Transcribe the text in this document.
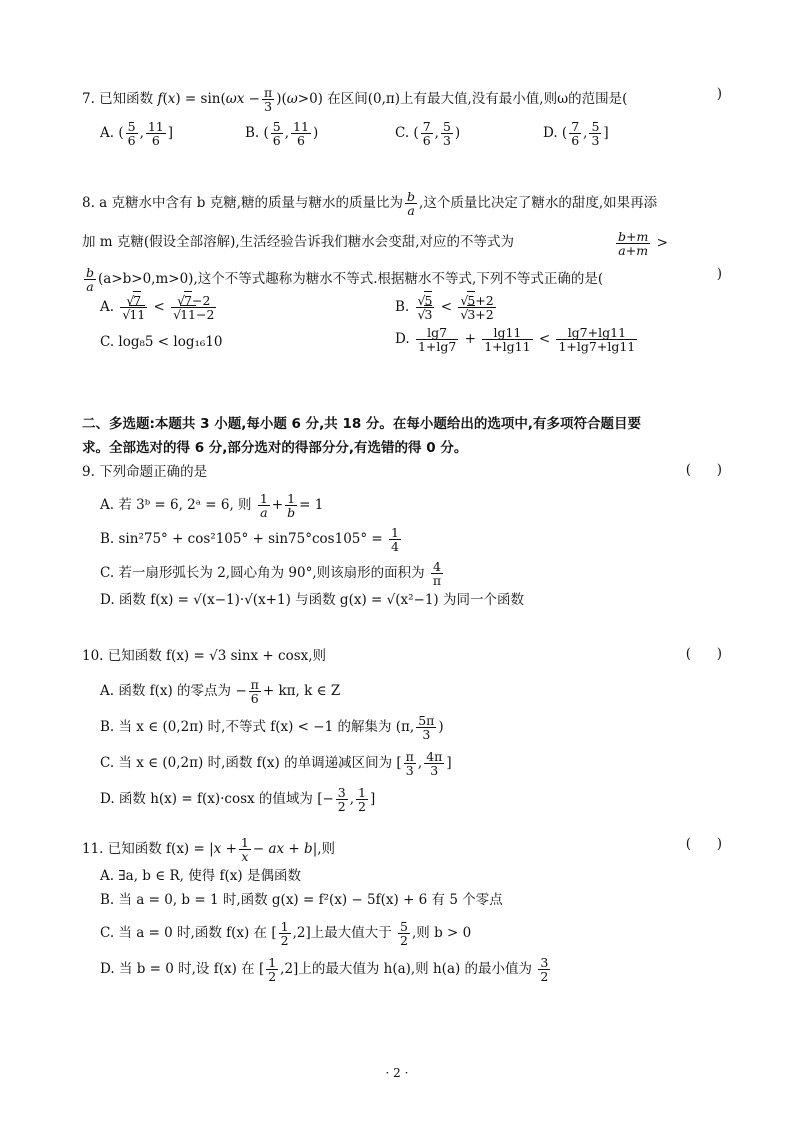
7. 已知函数 $f(x) = \sin(\omega x - \frac{\pi}{3} )(\omega>0)$ 在区间(0,π)上有最大值,没有最小值,则ω的范围是(	)
A. ( $\frac{5}{6}$ , $\frac{11}{6}$ ]	B. ( $\frac{5}{6}$ , $\frac{11}{6}$ )	C. ( $\frac{7}{6}$ , $\frac{5}{3}$ )	D. ( $\frac{7}{6}$ , $\frac{5}{3}$ ]
8. a 克糖水中含有 b 克糖,糖的质量与糖水的质量比为 $\frac{b}{a}$ ,这个质量比决定了糖水的甜度,如果再添
加 m 克糖(假设全部溶解),生活经验告诉我们糖水会变甜,对应的不等式为	$\frac{b+m}{a+m}$ >
$\frac{b}{a} (a>b>0,m>0)$,这个不等式趣称为糖水不等式.根据糖水不等式,下列不等式正确的是(	)
A. $\frac{√7}{√11} < \frac{√7-2}{√11-2}$	B. $\frac{√5}{√3} < \frac{√5+2}{√3+2}$
C. log₈5 < log₁₆10	D. $\frac{\lg 7}{1+\lg 7} + \frac{\lg 11}{1+\lg 11} < \frac{\lg 7+\lg 11}{1+\lg 7+\lg 11}$
二、多选题:本题共 3 小题,每小题 6 分,共 18 分。在每小题给出的选项中,有多项符合题目要
求。全部选对的得 6 分,部分选对的得部分分,有选错的得 0 分。
9. 下列命题正确的是	(      )
A. 若 3ᵇ = 6, 2ᵃ = 6, 则 $\frac{1}{a} + \frac{1}{b} = 1$
B. $\sin^275^\circ + \cos^2105^\circ + \sin 75^\circ\cos 105^\circ = \frac{1}{4}$
C. 若一扇形弧长为 2,圆心角为 90°,则该扇形的面积为 $\frac{4}{\pi}$
D. 函数 f(x) = √(x−1)·√(x+1) 与函数 g(x) = √(x²−1) 为同一个函数
10. 已知函数 f(x) = √3 sinx + cosx,则	(      )
A. 函数 f(x) 的零点为 − $\frac{\pi}{6} + k\pi$, k ∈ Z
B. 当 x ∈ (0,2π) 时,不等式 f(x) < −1 的解集为 (π, $\frac{5\pi}{3}$ )
C. 当 x ∈ (0,2π) 时,函数 f(x) 的单调递减区间为 [ $\frac{\pi}{3}$ , $\frac{4\pi}{3}$ ]
D. 函数 h(x) = f(x)·cosx 的值域为 [− $\frac{3}{2}$ , $\frac{1}{2}$ ]
11. 已知函数 $f(x) = |x + \frac{1}{x}$ − ax + b|,则	(      )
A. ∃a, b ∈ R, 使得 f(x) 是偶函数
B. 当 a = 0, b = 1 时,函数 g(x) = f²(x) − 5f(x) + 6 有 5 个零点
C. 当 a = 0 时,函数 f(x) 在 [ $\frac{1}{2} ,2$]上最大值大于 $\frac{5}{2}$ ,则 b > 0
D. 当 b = 0 时,设 f(x) 在 [ $\frac{1}{2} ,2$]上的最大值为 h(a),则 h(a) 的最小值为 $\frac{3}{2}$
· 2 ·
